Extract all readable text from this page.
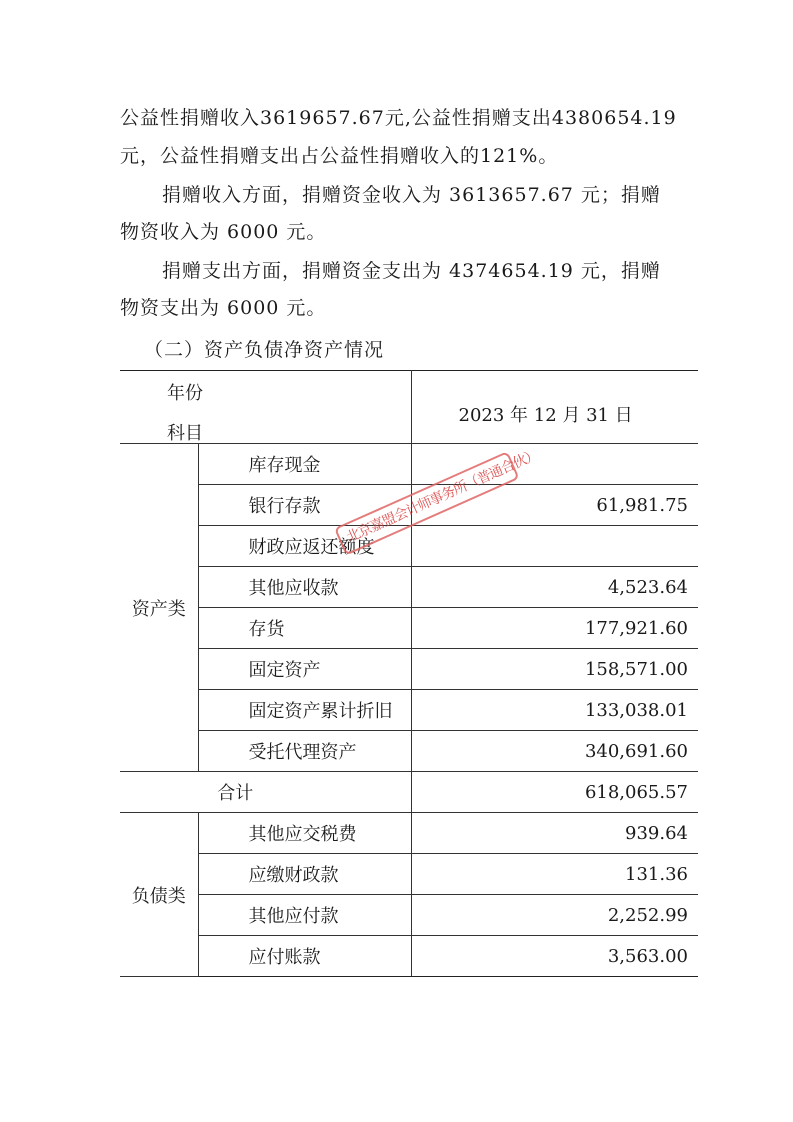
公益性捐赠收入3619657.67元,公益性捐赠支出4380654.19

元，公益性捐赠支出占公益性捐赠收入的121%。

捐赠收入方面，捐赠资金收入为 3613657.67 元；捐赠

物资收入为 6000 元。

捐赠支出方面，捐赠资金支出为 4374654.19 元，捐赠

物资支出为 6000 元。

（二）资产负债净资产情况

年份
科目		2023 年 12 月 31 日
资产类	库存现金	
	银行存款	61,981.75
	财政应返还额度	
	其他应收款	4,523.64
	存货	177,921.60
	固定资产	158,571.00
	固定资产累计折旧	133,038.01
	受托代理资产	340,691.60
合计		618,065.57
负债类	其他应交税费	939.64
	应缴财政款	131.36
	其他应付款	2,252.99
	应付账款	3,563.00
北京嘉盟会计师事务所（普通合伙）
